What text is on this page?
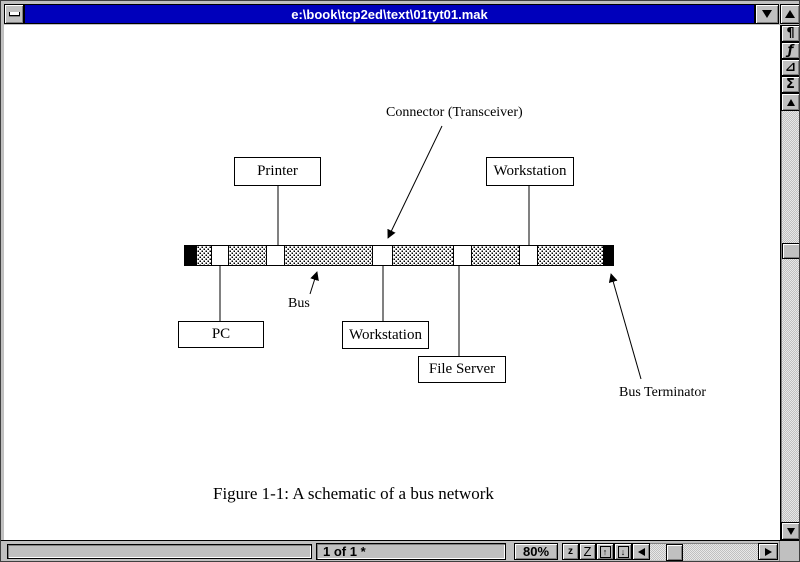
e:\book\tcp2ed\text\01tyt01.mak
Printer	Workstation
PC	Workstation
File Server
Connector (Transceiver)
Bus
Bus Terminator
Figure 1-1: A schematic of a bus network
¶
ƒ
⊿
Σ
1 of 1 *	80% z Z	↑	↓
